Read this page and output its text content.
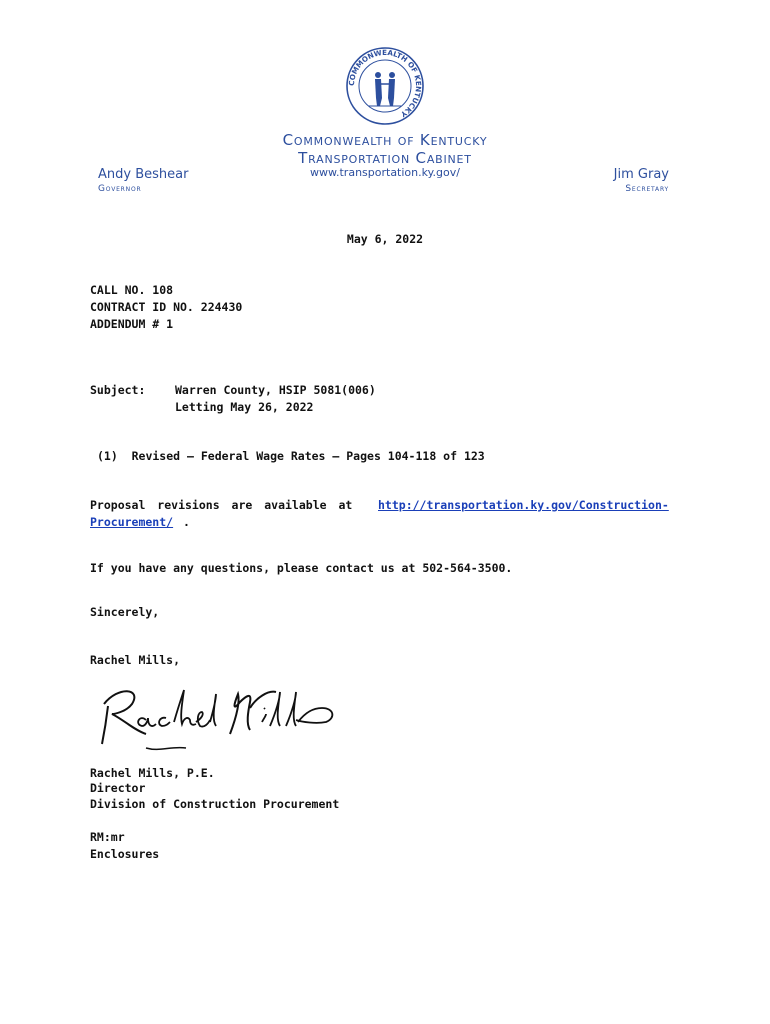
COMMONWEALTH OF KENTUCKY
Commonwealth of Kentucky
Transportation Cabinet
www.transportation.ky.gov/
Andy Beshear
Governor
Jim Gray
Secretary
May 6, 2022
CALL NO. 108
CONTRACT ID NO. 224430
ADDENDUM # 1
Subject:	Warren County, HSIP 5081(006)
Letting May 26, 2022
(1)  Revised – Federal Wage Rates – Pages 104-118 of 123
Proposal revisions are available at http://transportation.ky.gov/Construction-
Procurement/ .
If you have any questions, please contact us at 502-564-3500.
Sincerely,
Rachel Mills,
Rachel Mills, P.E.
Director
Division of Construction Procurement
RM:mr
Enclosures
